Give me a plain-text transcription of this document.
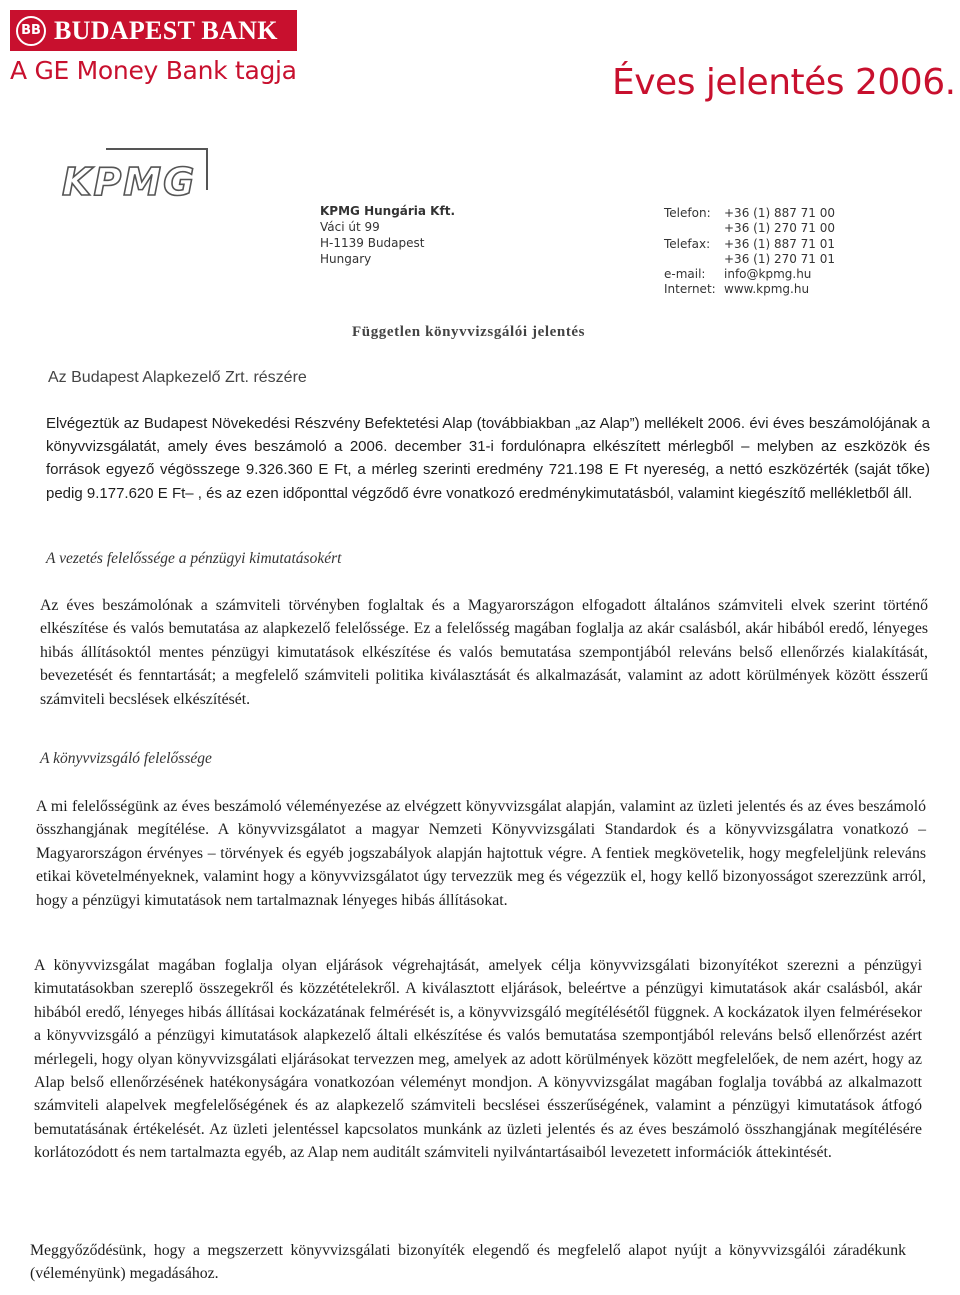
BB BUDAPEST BANK
A GE Money Bank tagja	Éves jelentés 2006.
KPMG
KPMG Hungária Kft.
Váci út 99
H-1139 Budapest
Hungary
Telefon:	+36 (1) 887 71 00
+36 (1) 270 71 00
Telefax:	+36 (1) 887 71 01
+36 (1) 270 71 01
e-mail:	info@kpmg.hu
Internet: www.kpmg.hu
Független könyvvizsgálói jelentés
Az Budapest Alapkezelő Zrt. részére

Elvégeztük az Budapest Növekedési Részvény Befektetési Alap (továbbiakban „az Alap”) mellékelt 2006. évi éves beszámolójának a könyvvizsgálatát, amely éves beszámoló a 2006. december 31-i fordulónapra elkészített mérlegből – melyben az eszközök és források egyező végösszege 9.326.360 E Ft, a mérleg szerinti eredmény 721.198 E Ft nyereség, a nettó eszközérték (saját tőke) pedig 9.177.620 E Ft– , és az ezen időponttal végződő évre vonatkozó eredménykimutatásból, valamint kiegészítő mellékletből áll.

A vezetés felelőssége a pénzügyi kimutatásokért

Az éves beszámolónak a számviteli törvényben foglaltak és a Magyarországon elfogadott általános számviteli elvek szerint történő elkészítése és valós bemutatása az alapkezelő felelőssége. Ez a felelősség magában foglalja az akár csalásból, akár hibából eredő, lényeges hibás állításoktól mentes pénzügyi kimutatások elkészítése és valós bemutatása szempontjából releváns belső ellenőrzés kialakítását, bevezetését és fenntartását; a megfelelő számviteli politika kiválasztását és alkalmazását, valamint az adott körülmények között ésszerű számviteli becslések elkészítését.

A könyvvizsgáló felelőssége

A mi felelősségünk az éves beszámoló véleményezése az elvégzett könyvvizsgálat alapján, valamint az üzleti jelentés és az éves beszámoló összhangjának megítélése. A könyvvizsgálatot a magyar Nemzeti Könyvvizsgálati Standardok és a könyvvizsgálatra vonatkozó – Magyarországon érvényes – törvények és egyéb jogszabályok alapján hajtottuk végre. A fentiek megkövetelik, hogy megfeleljünk releváns etikai követelményeknek, valamint hogy a könyvvizsgálatot úgy tervezzük meg és végezzük el, hogy kellő bizonyosságot szerezzünk arról, hogy a pénzügyi kimutatások nem tartalmaznak lényeges hibás állításokat.

A könyvvizsgálat magában foglalja olyan eljárások végrehajtását, amelyek célja könyvvizsgálati bizonyítékot szerezni a pénzügyi kimutatásokban szereplő összegekről és közzétételekről. A kiválasztott eljárások, beleértve a pénzügyi kimutatások akár csalásból, akár hibából eredő, lényeges hibás állításai kockázatának felmérését is, a könyvvizsgáló megítélésétől függnek. A kockázatok ilyen felmérésekor a könyvvizsgáló a pénzügyi kimutatások alapkezelő általi elkészítése és valós bemutatása szempontjából releváns belső ellenőrzést azért mérlegeli, hogy olyan könyvvizsgálati eljárásokat tervezzen meg, amelyek az adott körülmények között megfelelőek, de nem azért, hogy az Alap belső ellenőrzésének hatékonyságára vonatkozóan véleményt mondjon. A könyvvizsgálat magában foglalja továbbá az alkalmazott számviteli alapelvek megfelelőségének és az alapkezelő számviteli becslései ésszerűségének, valamint a pénzügyi kimutatások átfogó bemutatásának értékelését. Az üzleti jelentéssel kapcsolatos munkánk az üzleti jelentés és az éves beszámoló összhangjának megítélésére korlátozódott és nem tartalmazta egyéb, az Alap nem auditált számviteli nyilvántartásaiból levezetett információk áttekintését.

Meggyőződésünk, hogy a megszerzett könyvvizsgálati bizonyíték elegendő és megfelelő alapot nyújt a könyvvizsgálói záradékunk (véleményünk) megadásához.
